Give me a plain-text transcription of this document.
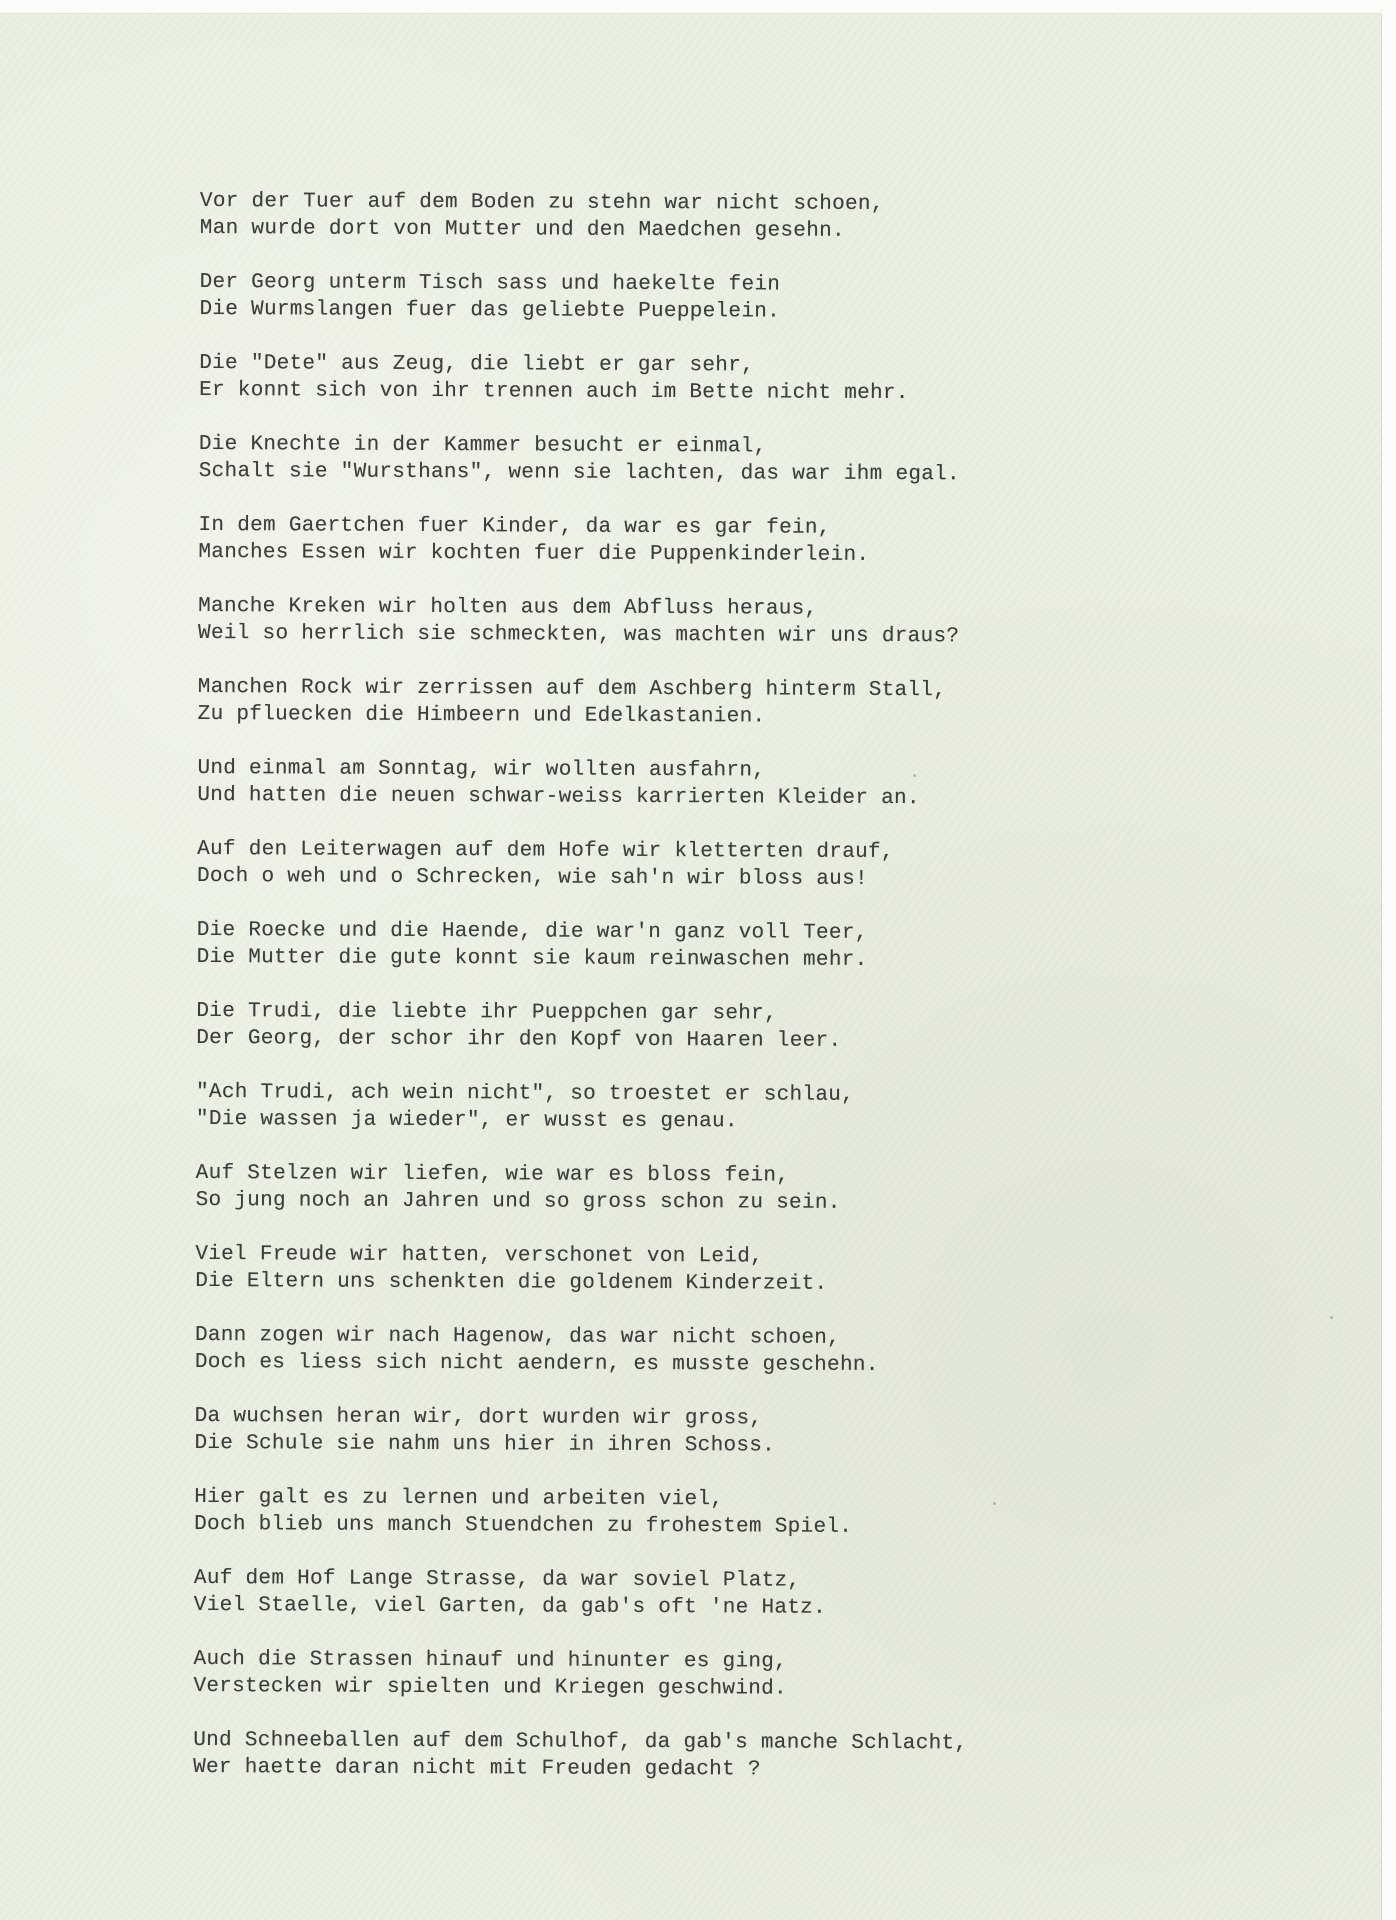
Vor der Tuer auf dem Boden zu stehn war nicht schoen,
Man wurde dort von Mutter und den Maedchen gesehn.
Der Georg unterm Tisch sass und haekelte fein
Die Wurmslangen fuer das geliebte Pueppelein.
Die "Dete" aus Zeug, die liebt er gar sehr,
Er konnt sich von ihr trennen auch im Bette nicht mehr.
Die Knechte in der Kammer besucht er einmal,
Schalt sie "Wursthans", wenn sie lachten, das war ihm egal.
In dem Gaertchen fuer Kinder, da war es gar fein,
Manches Essen wir kochten fuer die Puppenkinderlein.
Manche Kreken wir holten aus dem Abfluss heraus,
Weil so herrlich sie schmeckten, was machten wir uns draus?
Manchen Rock wir zerrissen auf dem Aschberg hinterm Stall,
Zu pfluecken die Himbeern und Edelkastanien.
Und einmal am Sonntag, wir wollten ausfahrn,
Und hatten die neuen schwar-weiss karrierten Kleider an.
Auf den Leiterwagen auf dem Hofe wir kletterten drauf,
Doch o weh und o Schrecken, wie sah'n wir bloss aus!
Die Roecke und die Haende, die war'n ganz voll Teer,
Die Mutter die gute konnt sie kaum reinwaschen mehr.
Die Trudi, die liebte ihr Pueppchen gar sehr,
Der Georg, der schor ihr den Kopf von Haaren leer.
"Ach Trudi, ach wein nicht", so troestet er schlau,
"Die wassen ja wieder", er wusst es genau.
Auf Stelzen wir liefen, wie war es bloss fein,
So jung noch an Jahren und so gross schon zu sein.
Viel Freude wir hatten, verschonet von Leid,
Die Eltern uns schenkten die goldenem Kinderzeit.
Dann zogen wir nach Hagenow, das war nicht schoen,
Doch es liess sich nicht aendern, es musste geschehn.
Da wuchsen heran wir, dort wurden wir gross,
Die Schule sie nahm uns hier in ihren Schoss.
Hier galt es zu lernen und arbeiten viel,
Doch blieb uns manch Stuendchen zu frohestem Spiel.
Auf dem Hof Lange Strasse, da war soviel Platz,
Viel Staelle, viel Garten, da gab's oft 'ne Hatz.
Auch die Strassen hinauf und hinunter es ging,
Verstecken wir spielten und Kriegen geschwind.
Und Schneeballen auf dem Schulhof, da gab's manche Schlacht,
Wer haette daran nicht mit Freuden gedacht ?
